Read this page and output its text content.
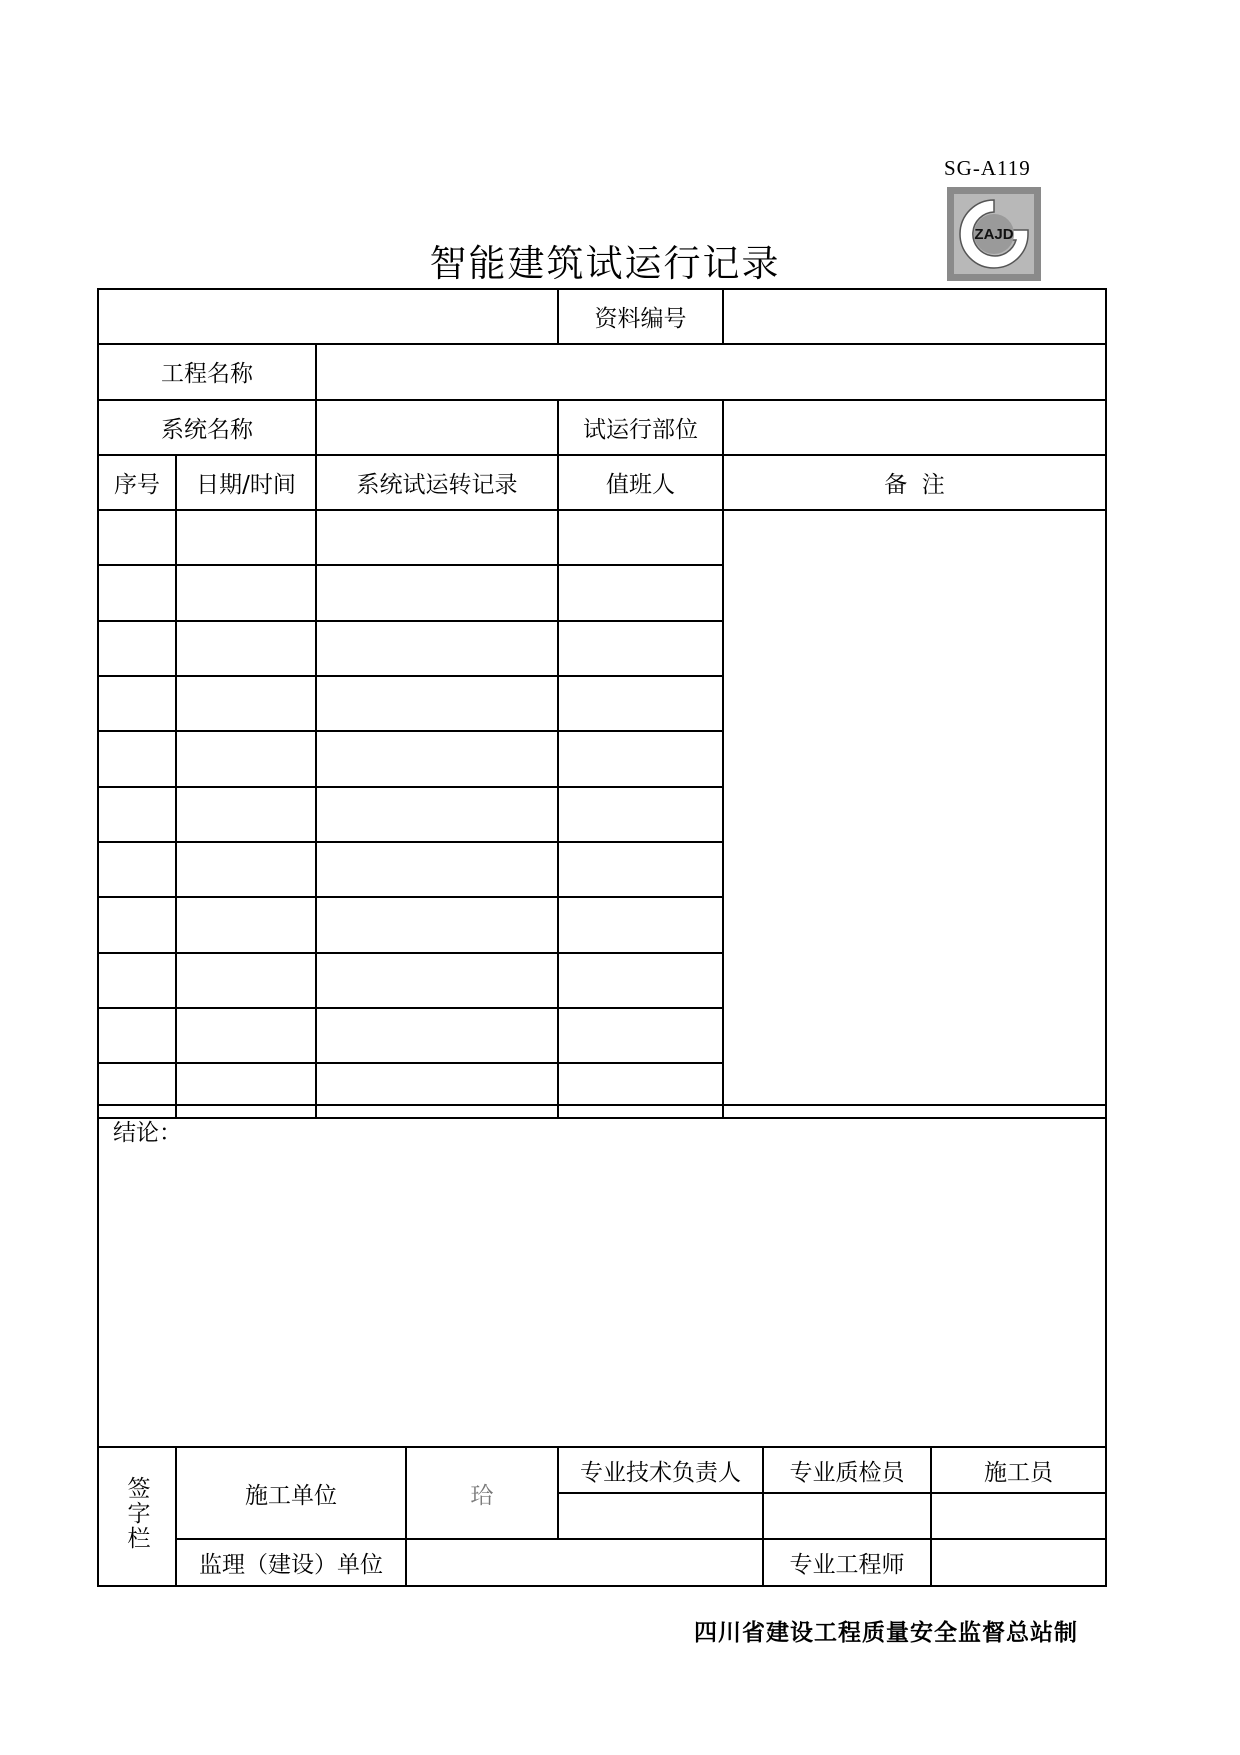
SG-A119
ZAJD
智能建筑试运行记录
			资料编号	
工程名称				
系统名称			试运行部位	
序号	日期/时间	系统试运转记录	值班人	备  注

结论：					

签字栏	施工单位	珨	专业技术负责人	专业质检员	施工员

	监理（建设）单位			专业工程师	
四川省建设工程质量安全监督总站制
